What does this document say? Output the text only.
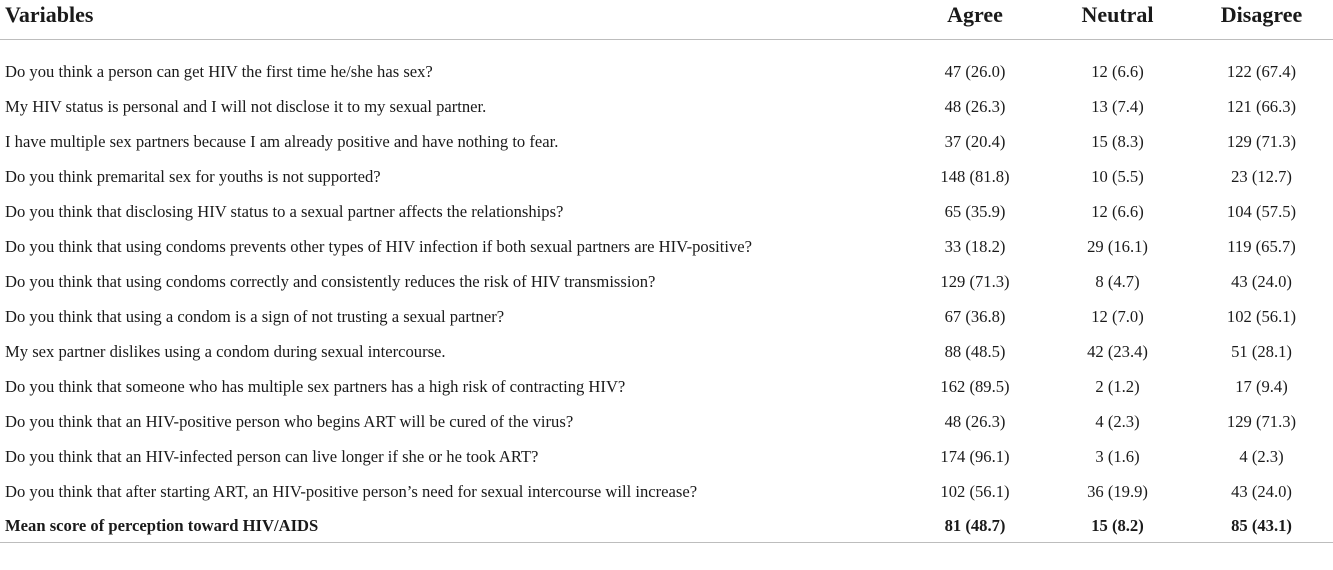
Variables	Agree	Neutral	Disagree
Do you think a person can get HIV the first time he/she has sex?	47 (26.0)	12 (6.6)	122 (67.4)
My HIV status is personal and I will not disclose it to my sexual partner.	48 (26.3)	13 (7.4)	121 (66.3)
I have multiple sex partners because I am already positive and have nothing to fear.	37 (20.4)	15 (8.3)	129 (71.3)
Do you think premarital sex for youths is not supported?	148 (81.8)	10 (5.5)	23 (12.7)
Do you think that disclosing HIV status to a sexual partner affects the relationships?	65 (35.9)	12 (6.6)	104 (57.5)
Do you think that using condoms prevents other types of HIV infection if both sexual partners are HIV-positive?	33 (18.2)	29 (16.1)	119 (65.7)
Do you think that using condoms correctly and consistently reduces the risk of HIV transmission?	129 (71.3)	8 (4.7)	43 (24.0)
Do you think that using a condom is a sign of not trusting a sexual partner?	67 (36.8)	12 (7.0)	102 (56.1)
My sex partner dislikes using a condom during sexual intercourse.	88 (48.5)	42 (23.4)	51 (28.1)
Do you think that someone who has multiple sex partners has a high risk of contracting HIV?	162 (89.5)	2 (1.2)	17 (9.4)
Do you think that an HIV-positive person who begins ART will be cured of the virus?	48 (26.3)	4 (2.3)	129 (71.3)
Do you think that an HIV-infected person can live longer if she or he took ART?	174 (96.1)	3 (1.6)	4 (2.3)
Do you think that after starting ART, an HIV-positive person’s need for sexual intercourse will increase?	102 (56.1)	36 (19.9)	43 (24.0)
Mean score of perception toward HIV/AIDS	81 (48.7)	15 (8.2)	85 (43.1)
